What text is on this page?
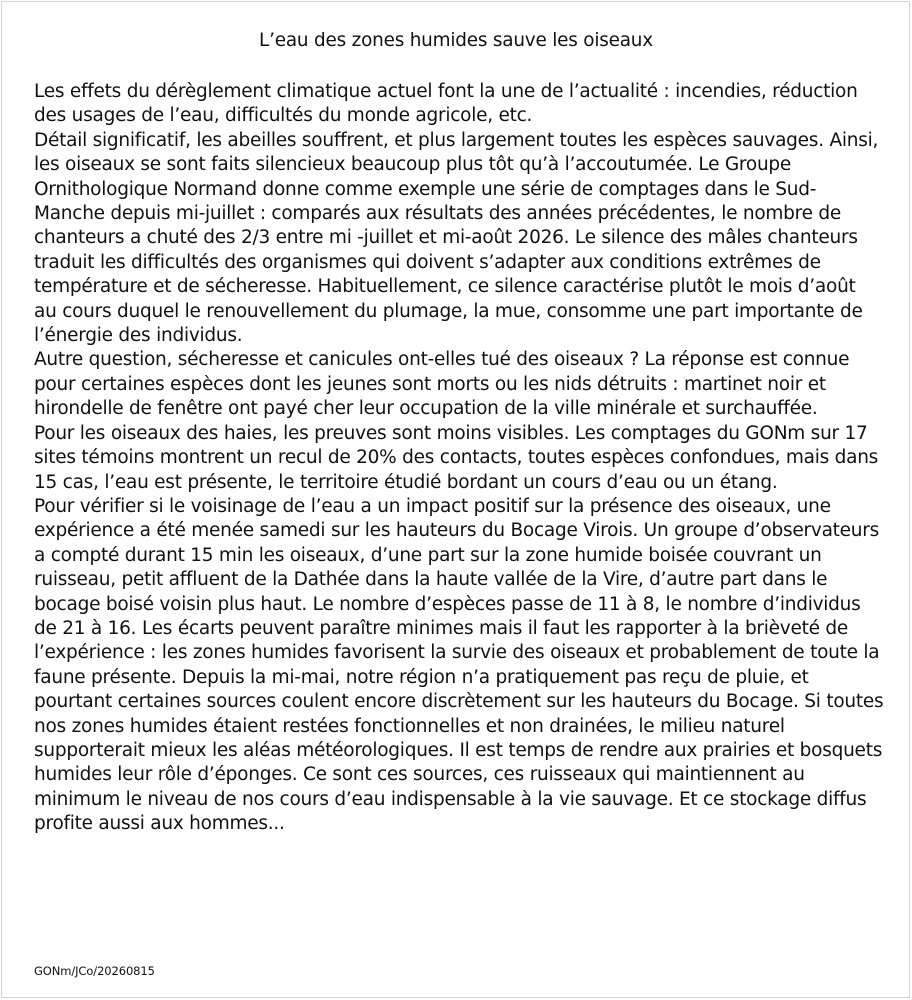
L’eau des zones humides sauve les oiseaux
Les effets du dérèglement climatique actuel font la une de l’actualité : incendies, réduction
des usages de l’eau, difficultés du monde agricole, etc.
Détail significatif, les abeilles souffrent, et plus largement toutes les espèces sauvages. Ainsi,
les oiseaux se sont faits silencieux beaucoup plus tôt qu’à l’accoutumée. Le Groupe
Ornithologique Normand donne comme exemple une série de comptages dans le Sud-
Manche depuis mi-juillet : comparés aux résultats des années précédentes, le nombre de
chanteurs a chuté des 2/3 entre mi -juillet et mi-août 2026. Le silence des mâles chanteurs
traduit les difficultés des organismes qui doivent s’adapter aux conditions extrêmes de
température et de sécheresse. Habituellement, ce silence caractérise plutôt le mois d’août
au cours duquel le renouvellement du plumage, la mue, consomme une part importante de
l’énergie des individus.
Autre question, sécheresse et canicules ont-elles tué des oiseaux ? La réponse est connue
pour certaines espèces dont les jeunes sont morts ou les nids détruits : martinet noir et
hirondelle de fenêtre ont payé cher leur occupation de la ville minérale et surchauffée.
Pour les oiseaux des haies, les preuves sont moins visibles. Les comptages du GONm sur 17
sites témoins montrent un recul de 20% des contacts, toutes espèces confondues, mais dans
15 cas, l’eau est présente, le territoire étudié bordant un cours d’eau ou un étang.
Pour vérifier si le voisinage de l’eau a un impact positif sur la présence des oiseaux, une
expérience a été menée samedi sur les hauteurs du Bocage Virois. Un groupe d’observateurs
a compté durant 15 min les oiseaux, d’une part sur la zone humide boisée couvrant un
ruisseau, petit affluent de la Dathée dans la haute vallée de la Vire, d’autre part dans le
bocage boisé voisin plus haut. Le nombre d’espèces passe de 11 à 8, le nombre d’individus
de 21 à 16. Les écarts peuvent paraître minimes mais il faut les rapporter à la brièveté de
l’expérience : les zones humides favorisent la survie des oiseaux et probablement de toute la
faune présente. Depuis la mi-mai, notre région n’a pratiquement pas reçu de pluie, et
pourtant certaines sources coulent encore discrètement sur les hauteurs du Bocage. Si toutes
nos zones humides étaient restées fonctionnelles et non drainées, le milieu naturel
supporterait mieux les aléas météorologiques. Il est temps de rendre aux prairies et bosquets
humides leur rôle d’éponges. Ce sont ces sources, ces ruisseaux qui maintiennent au
minimum le niveau de nos cours d’eau indispensable à la vie sauvage. Et ce stockage diffus
profite aussi aux hommes...
GONm/JCo/20260815
